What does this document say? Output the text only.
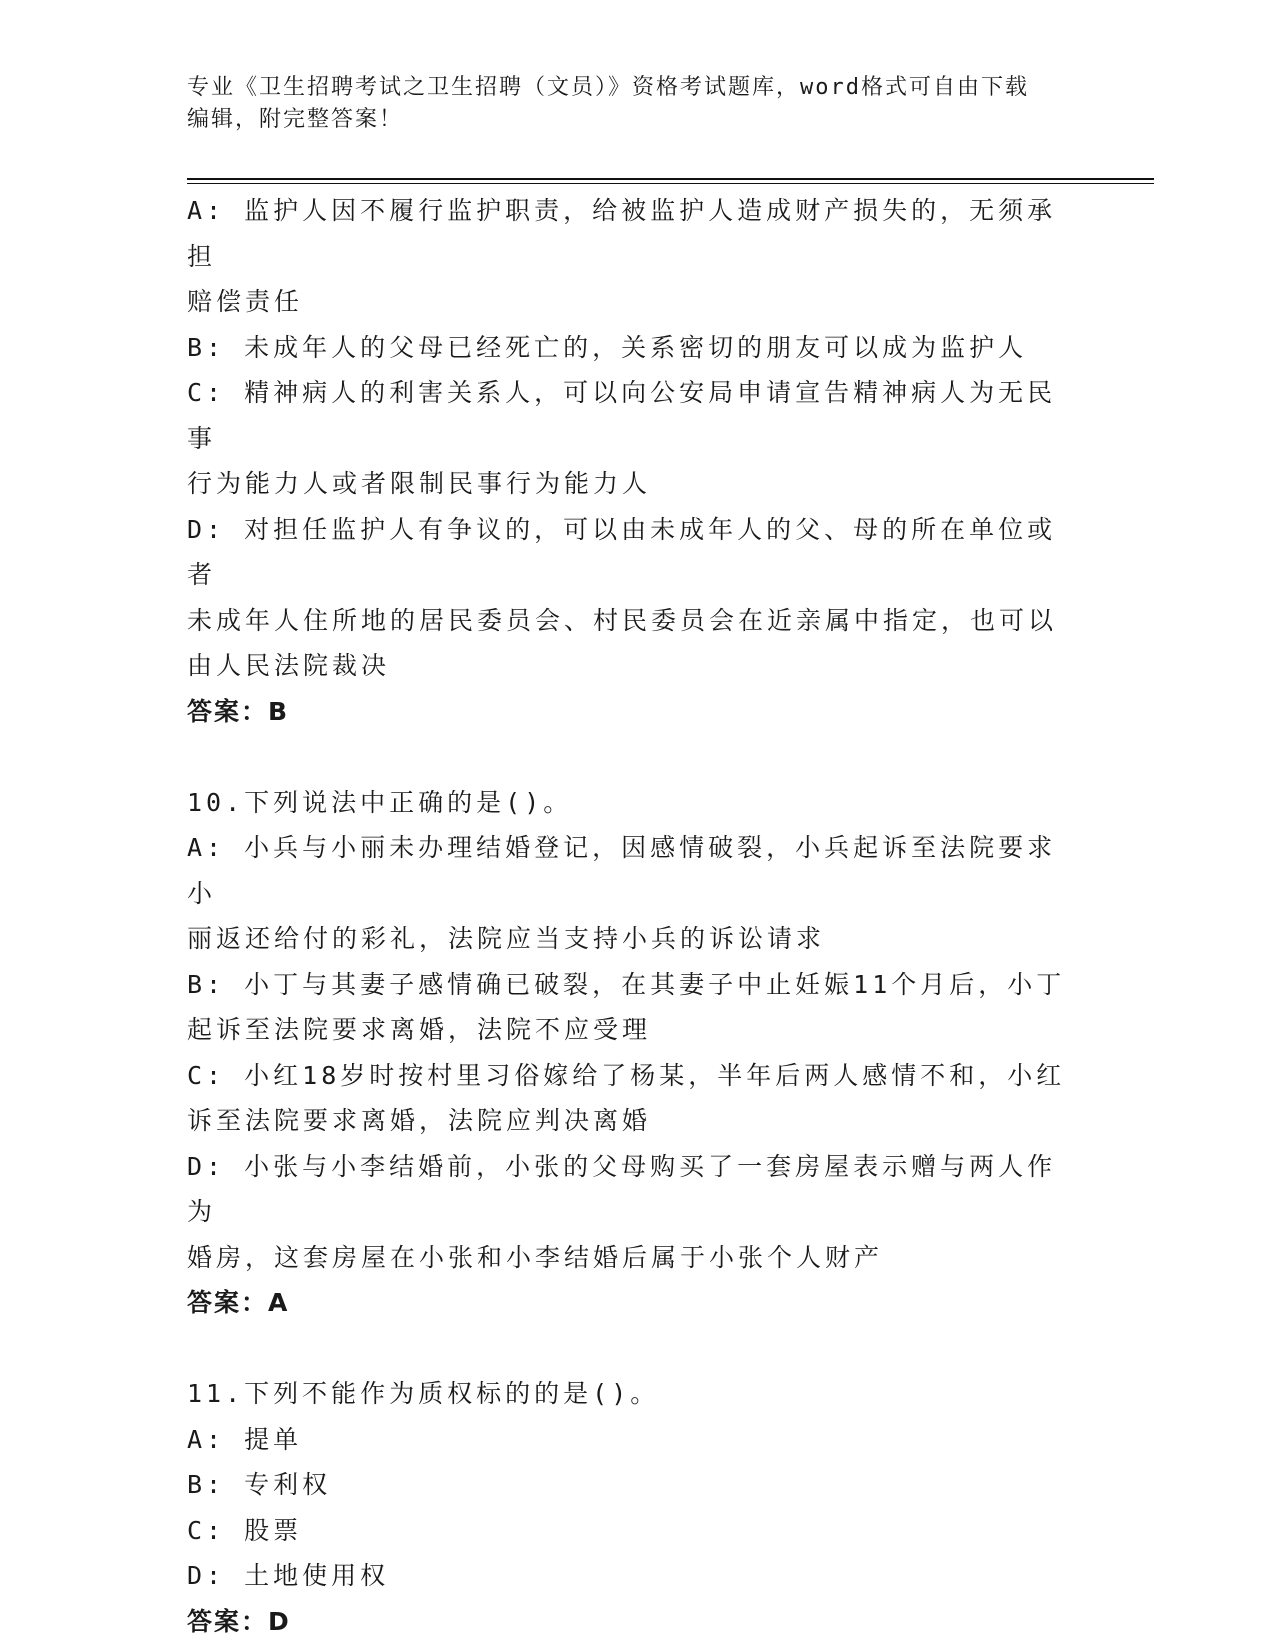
专业《卫生招聘考试之卫生招聘（文员）》资格考试题库，word格式可自由下载
编辑，附完整答案！
A: 监护人因不履行监护职责，给被监护人造成财产损失的，无须承担
赔偿责任
B: 未成年人的父母已经死亡的，关系密切的朋友可以成为监护人
C: 精神病人的利害关系人，可以向公安局申请宣告精神病人为无民事
行为能力人或者限制民事行为能力人
D: 对担任监护人有争议的，可以由未成年人的父、母的所在单位或者
未成年人住所地的居民委员会、村民委员会在近亲属中指定，也可以
由人民法院裁决
答案：B
10.下列说法中正确的是()。
A: 小兵与小丽未办理结婚登记，因感情破裂，小兵起诉至法院要求小
丽返还给付的彩礼，法院应当支持小兵的诉讼请求
B: 小丁与其妻子感情确已破裂，在其妻子中止妊娠11个月后，小丁
起诉至法院要求离婚，法院不应受理
C: 小红18岁时按村里习俗嫁给了杨某，半年后两人感情不和，小红
诉至法院要求离婚，法院应判决离婚
D: 小张与小李结婚前，小张的父母购买了一套房屋表示赠与两人作为
婚房，这套房屋在小张和小李结婚后属于小张个人财产
答案：A
11.下列不能作为质权标的的是()。
A: 提单
B: 专利权
C: 股票
D: 土地使用权
答案：D
